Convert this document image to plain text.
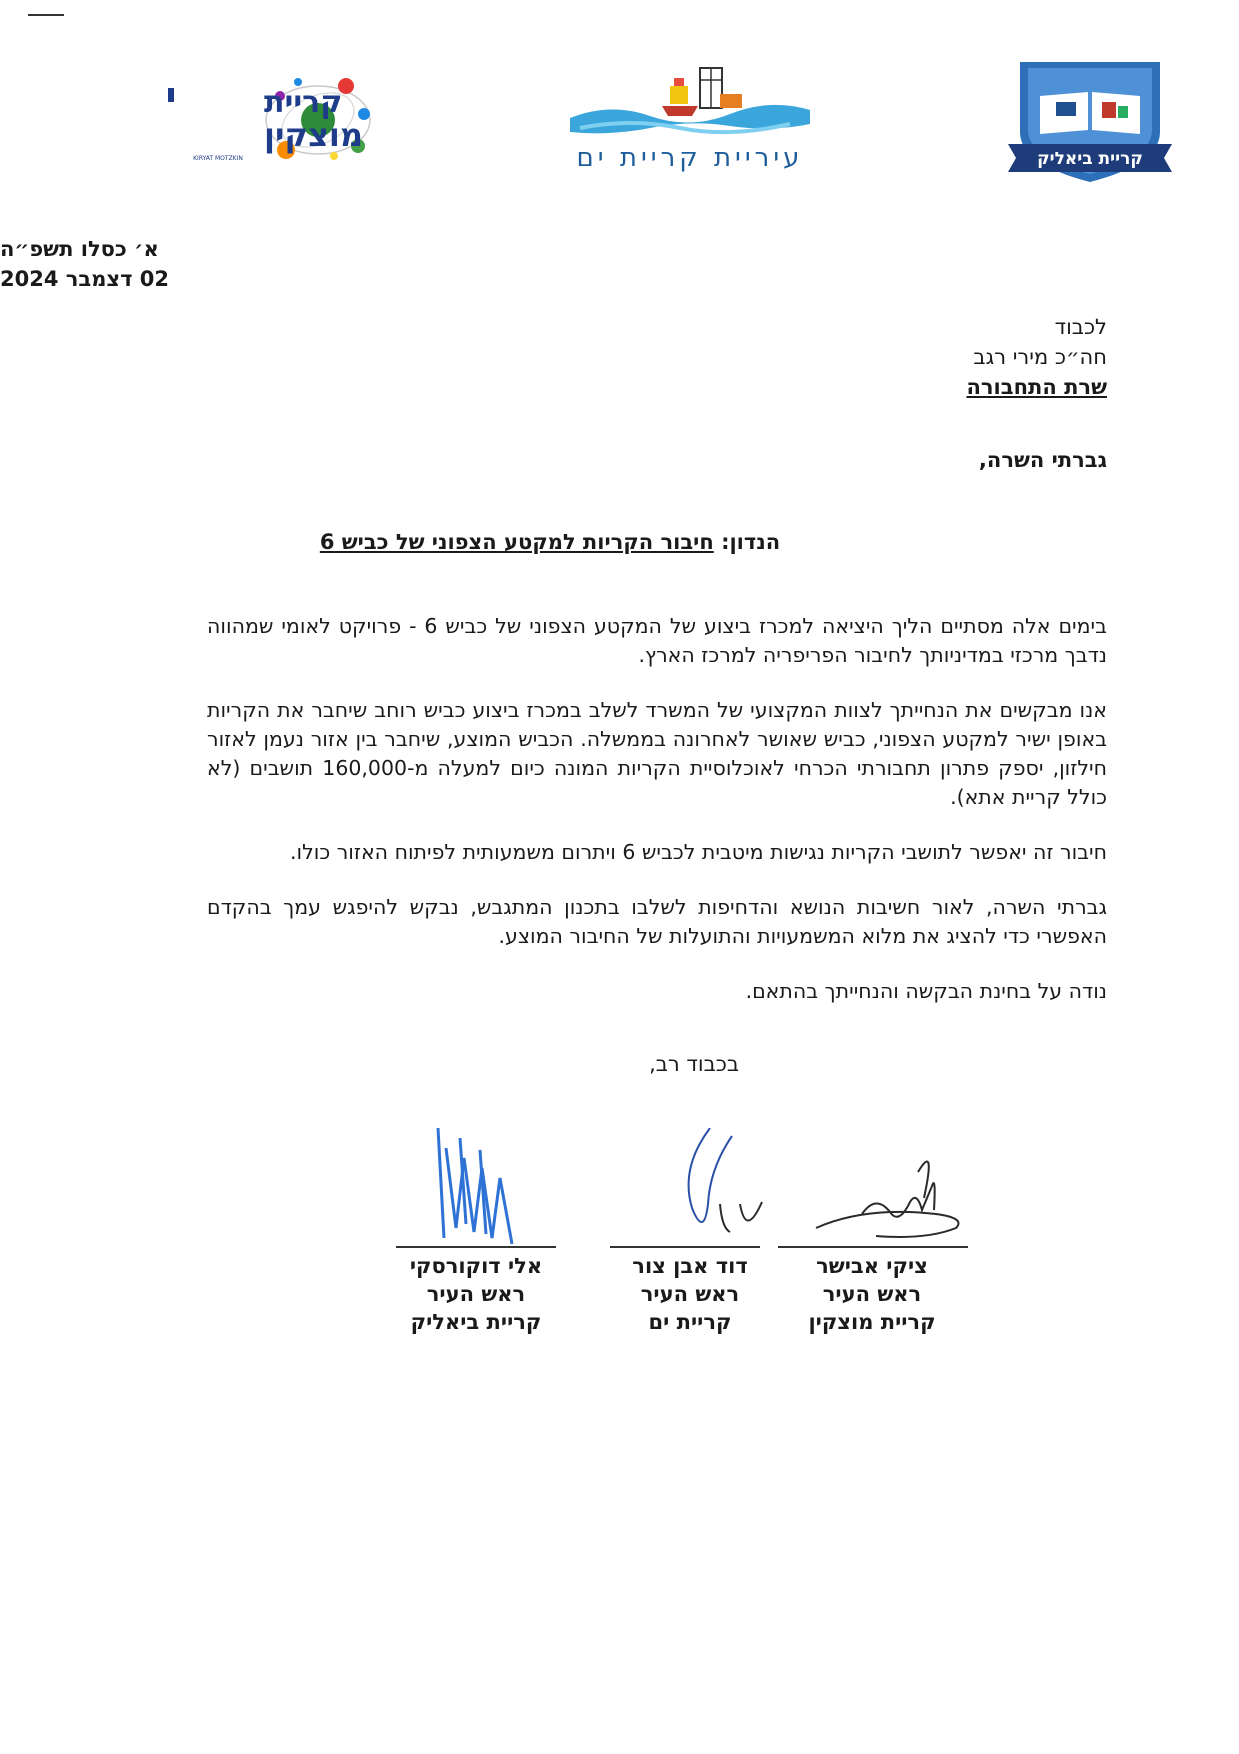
קריית
מוצקין
KIRYAT MOTZKIN	עיריית קריית ים	קריית ביאליק
א׳ כסלו תשפ״ה
02 דצמבר 2024
לכבוד
חה״כ מירי רגב
שרת התחבורה
גברתי השרה,
הנדון: חיבור הקריות למקטע הצפוני של כביש 6

בימים אלה מסתיים הליך היציאה למכרז ביצוע של המקטע הצפוני של כביש 6 - פרויקט לאומי שמהווה נדבך מרכזי במדיניותך לחיבור הפריפריה למרכז הארץ.

אנו מבקשים את הנחייתך לצוות המקצועי של המשרד לשלב במכרז ביצוע כביש רוחב שיחבר את הקריות באופן ישיר למקטע הצפוני, כביש שאושר לאחרונה בממשלה. הכביש המוצע, שיחבר בין אזור נעמן לאזור חילזון, יספק פתרון תחבורתי הכרחי לאוכלוסיית הקריות המונה כיום למעלה מ-160,000 תושבים (לא כולל קריית אתא).

חיבור זה יאפשר לתושבי הקריות נגישות מיטבית לכביש 6 ויתרום משמעותית לפיתוח האזור כולו.

גברתי השרה, לאור חשיבות הנושא והדחיפות לשלבו בתכנון המתגבש, נבקש להיפגש עמך בהקדם האפשרי כדי להציג את מלוא המשמעויות והתועלות של החיבור המוצע.

נודה על בחינת הבקשה והנחייתך בהתאם.

בכבוד רב,
ציקי אבישר
ראש העיר
קריית מוצקין
דוד אבן צור
ראש העיר
קריית ים
אלי דוקורסקי
ראש העיר
קריית ביאליק
